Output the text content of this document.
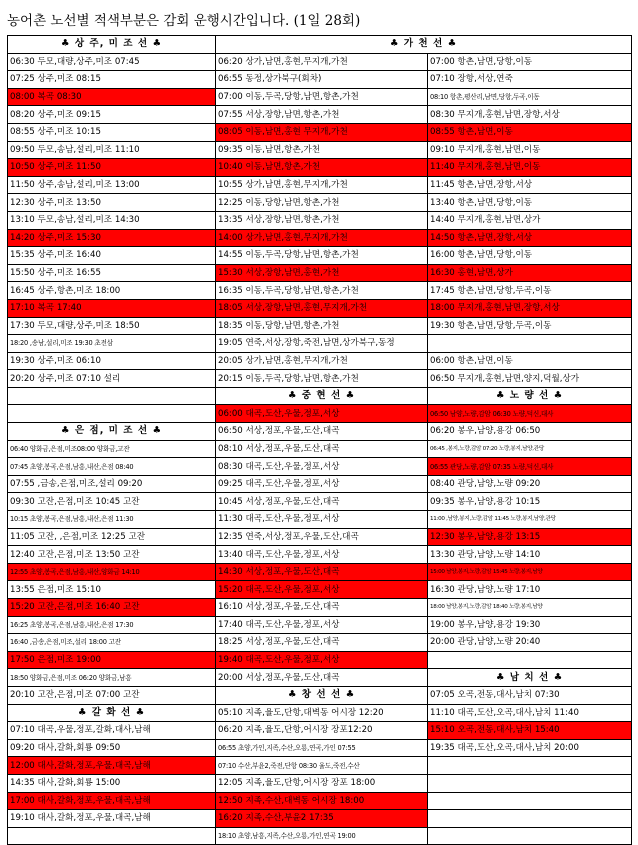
농어촌 노선별 적색부분은 감회 운행시간입니다. (1일 28회)
♣ 상 주, 미 조 선 ♣	♣ 가 천 선 ♣	
06:30 두모,대량,상주,미조 07:45	06:20 상가,남면,홍현,무지개,가천	07:00 항촌,남면,당항,이동
07:25 상주,미조 08:15	06:55 동정,상가북구(회차)	07:10 장항,서상,연죽
08:00 복곡 08:30	07:00 이동,두곡,당항,남면,항촌,가천	08:10 항촌,평산리,남면,당항,두곡,이동
08:20 상주,미조 09:15	07:55 서상,장항,남면,항촌,가천	08:30 무지개,홍현,남면,장항,서상
08:55 상주,미조 10:15	08:05 이동,남면,홍현 무지개,가천	08:55 항촌,남면,이동
09:50 두모,송남,설리,미조 11:10	09:35 이동,남면,항촌,가천	09:10 무지개,홍현,남면,이동
10:50 상주,미조 11:50	10:40 이동,남면,항촌,가천	11:40 무지개,홍현,남면,이동
11:50 상주,송남,설리,미조 13:00	10:55 상가,남면,홍현,무지개,가천	11:45 항촌,남면,장항,서상
12:30 상주,미조 13:50	12:25 이동,당항,남면,항촌,가천	13:40 항촌,남면,당항,이동
13:10 두모,송남,설리,미조 14:30	13:35 서상,장항,남면,항촌,가천	14:40 무지개,홍현,남면,상가
14:20 상주,미조 15:30	14:00 상가,남면,홍현,무지개,가천	14:50 항촌,남면,장항,서상
15:35 상주,미조 16:40	14:55 이동,두곡,당항,남면,항촌,가천	16:00 항촌,남면,당항,이동
15:50 상주,미조 16:55	15:30 서상,장항,남면,홍현,가천	16:30 홍현,남면,상가
16:45 상주,항촌,미조 18:00	16:35 이동,두곡,당항,남면,항촌,가천	17:45 항촌,남면,당항,두곡,이동
17:10 복곡 17:40	18:05 서상,장항,남면,홍현,무지개,가천	18:00 무지개,홍현,남면,장항,서상
17:30 두모,대량,상주,미조 18:50	18:35 이동,당항,남면,항촌,가천	19:30 항촌,남면,당항,두곡,이동
18:20 ,송남,설리,미조 19:30 초전삼	19:05 연죽,서상,장항,죽전,남면,상가북구,동정	
19:30 상주,미조 06:10	20:05 상가,남면,홍현,무지개,가천	06:00 항촌,남면,이동
20:20 상주,미조 07:10 설리	20:15 이동,두곡,당항,남면,항촌,가천	06:50 무지개,홍현,남면,양지,덕월,상가
	♣ 중 현 선 ♣	♣ 노 량 선 ♣
	06:00 대곡,도산,우물,정포,서상	06:50 남양,노량,감암 06:30 노량,덕신,대사
♣ 은 점, 미 조 선 ♣	06:50 서상,정포,우물,도산,대곡	06:20 봉우,남양,용강 06:50
06:40 양화금,은점,미조08:00 양화금,고잔	08:10 서상,정포,우물,도산,대곡	06:45 ,봉지,노량,감암 07:20 노량,봉지,남양,관당
07:45 초양,봉곡,은점,남흥,내산,은점 08:40	08:30 대곡,도산,우물,정포,서상	06:55 관당,노량,감암 07:35 노량,덕신,대사
07:55 ,금송,은점,미조,설리 09:20	09:25 대곡,도산,우물,정포,서상	08:40 관당,남양,노량 09:20
09:30 고잔,은점,미조 10:45 고잔	10:45 서상,정포,우물,도산,대곡	09:35 봉우,남양,용강 10:15
10:15 초양,봉곡,은점,남흥,내산,은점 11:30	11:30 대곡,도산,우물,정포,서상	11:00 ,남양,봉지,노량,감암 11:45 노량,봉지,남양,관당
11:05 고잔, ,은점,미조 12:25 고잔	12:35 연죽,서상,정포,우물,도산,대곡	12:30 봉우,남양,용강 13:15
12:40 고잔,은점,미조 13:50 고잔	13:40 대곡,도산,우물,정포,서상	13:30 관당,남양,노량 14:10
12:55 초양,봉곡,은점,남흥,내산,양화금 14:10	14:30 서상,정포,우물,도산,대곡	15:00 남양,봉지,노량,감암 15:45 노량,봉지,남양
13:55 은점,미조 15:10	15:20 대곡,도산,우물,정포,서상	16:30 관당,남양,노량 17:10
15:20 고잔,은점,미조 16:40 고잔	16:10 서상,정포,우물,도산,대곡	18:00 남양,봉지,노량,감암 18:40 노량,봉지,남양
16:25 초양,봉곡,은점,남흥,내산,은점 17:30	17:40 대곡,도산,우물,정포,서상	19:00 봉우,남양,용강 19:30
16:40 ,금송,은점,미조,설리 18:00 고잔	18:25 서상,정포,우물,도산,대곡	20:00 관당,남양,노량 20:40
17:50 은점,미조 19:00	19:40 대곡,도산,우물,정포,서상	
18:50 양화금,은점,미조 06:20 양화금,남흥	20:00 서상,정포,우물,도산,대곡	♣ 남 치 선 ♣
20:10 고잔,은점,미조 07:00 고잔	♣ 창 선 선 ♣	07:05 오곡,전동,대사,남치 07:30
♣ 갈 화 선 ♣	05:10 지족,율도,단항,대벽동 어시장 12:20	11:10 대곡,도산,오곡,대사,남치 11:40
07:10 대곡,우물,정포,갈화,대사,남해	06:20 지족,율도,단항,어시장 장포12:20	15:10 오곡,전동,대사,남치 15:40
09:20 대사,갈화,회룡 09:50	06:55 초양,가인,지족,수산,오룡,연곡,가인 07:55	19:35 대곡,도산,오곡,대사,남치 20:00
12:00 대사,갈화,정포,우물,대곡,남해	07:10 수산,부윤2,죽전,단항 08:30 율도,죽전,수산	
14:35 대사,갈화,회룡 15:00	12:05 지족,율도,단항,어시장 장포 18:00	
17:00 대사,갈화,정포,우물,대곡,남해	12:50 지족,수산,대벽동 어시장 18:00	
19:10 대사,갈화,정포,우물,대곡,남해	16:20 지족,수산,부윤2 17:35	
	18:10 초양,남흥,지족,수산,오룡,가인,연곡 19:00	
